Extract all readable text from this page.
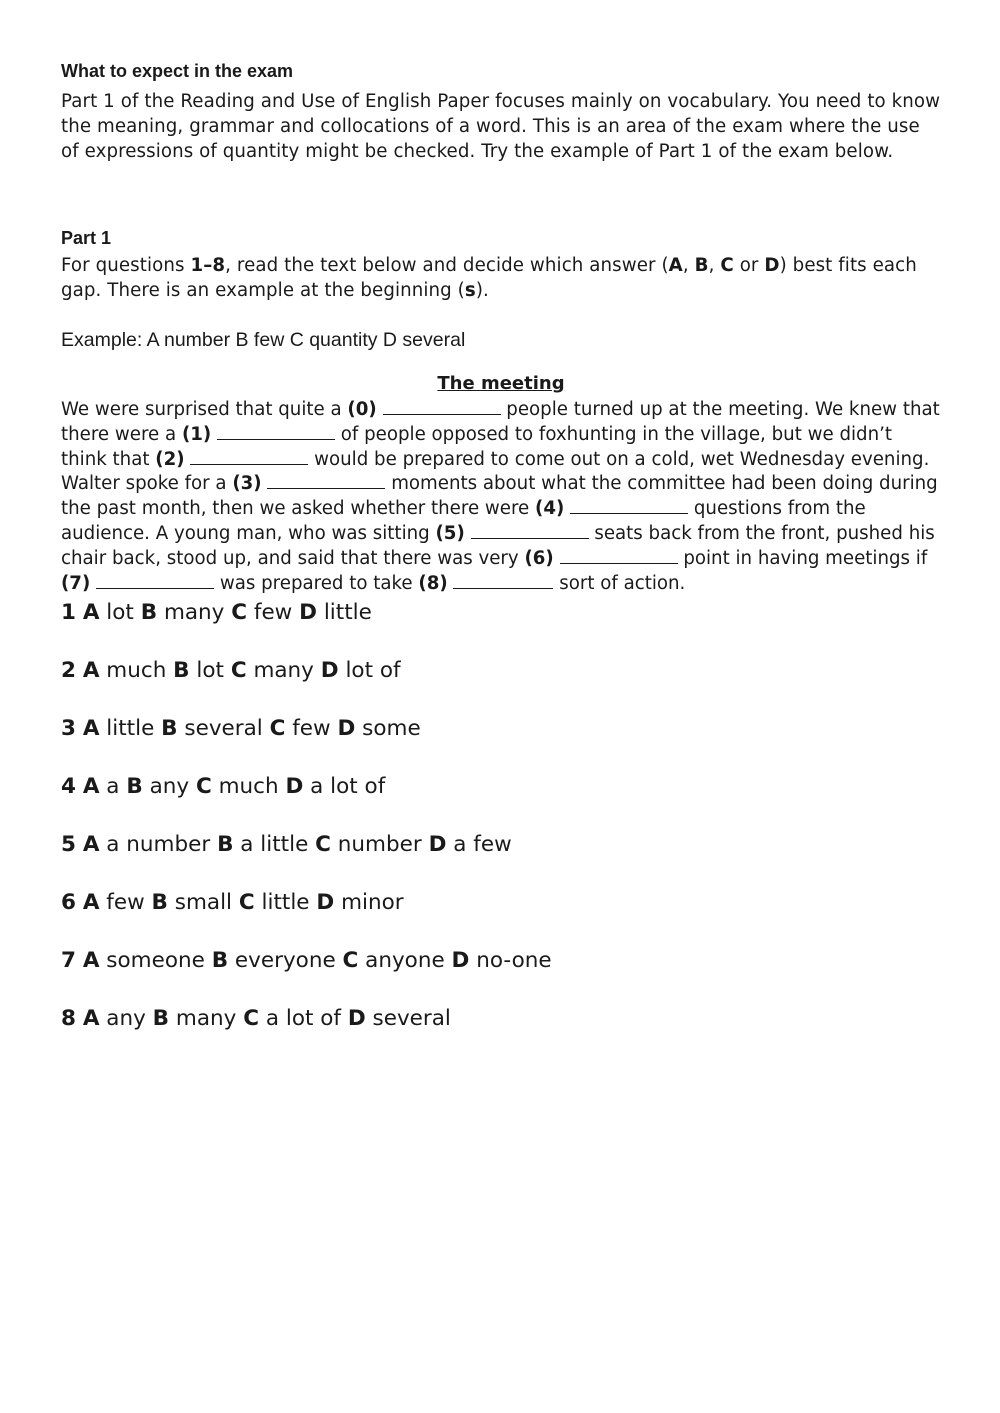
What to expect in the exam

Part 1 of the Reading and Use of English Paper focuses mainly on vocabulary. You need to know the meaning, grammar and collocations of a word. This is an area of the exam where the use of expressions of quantity might be checked. Try the example of Part 1 of the exam below.

Part 1

For questions 1–8, read the text below and decide which answer (A, B, C or D) best fits each gap. There is an example at the beginning (s).

Example: A number B few C quantity D several
The meeting

We were surprised that quite a (0)	people turned up at the meeting. We knew that there were a (1)	of people opposed to foxhunting in the village, but we didn’t think that (2)	would be prepared to come out on a cold, wet Wednesday evening. Walter spoke for a (3)	moments about what the committee had been doing during the past month, then we asked whether there were (4)	questions from the audience. A young man, who was sitting (5)	seats back from the front, pushed his chair back, stood up, and said that there was very (6)	point in having meetings if (7)	was prepared to take (8)	sort of action.

1 A lot B many C few D little

2 A much B lot C many D lot of

3 A little B several C few D some

4 A a B any C much D a lot of

5 A a number B a little C number D a few

6 A few B small C little D minor

7 A someone B everyone C anyone D no-one

8 A any B many C a lot of D several
